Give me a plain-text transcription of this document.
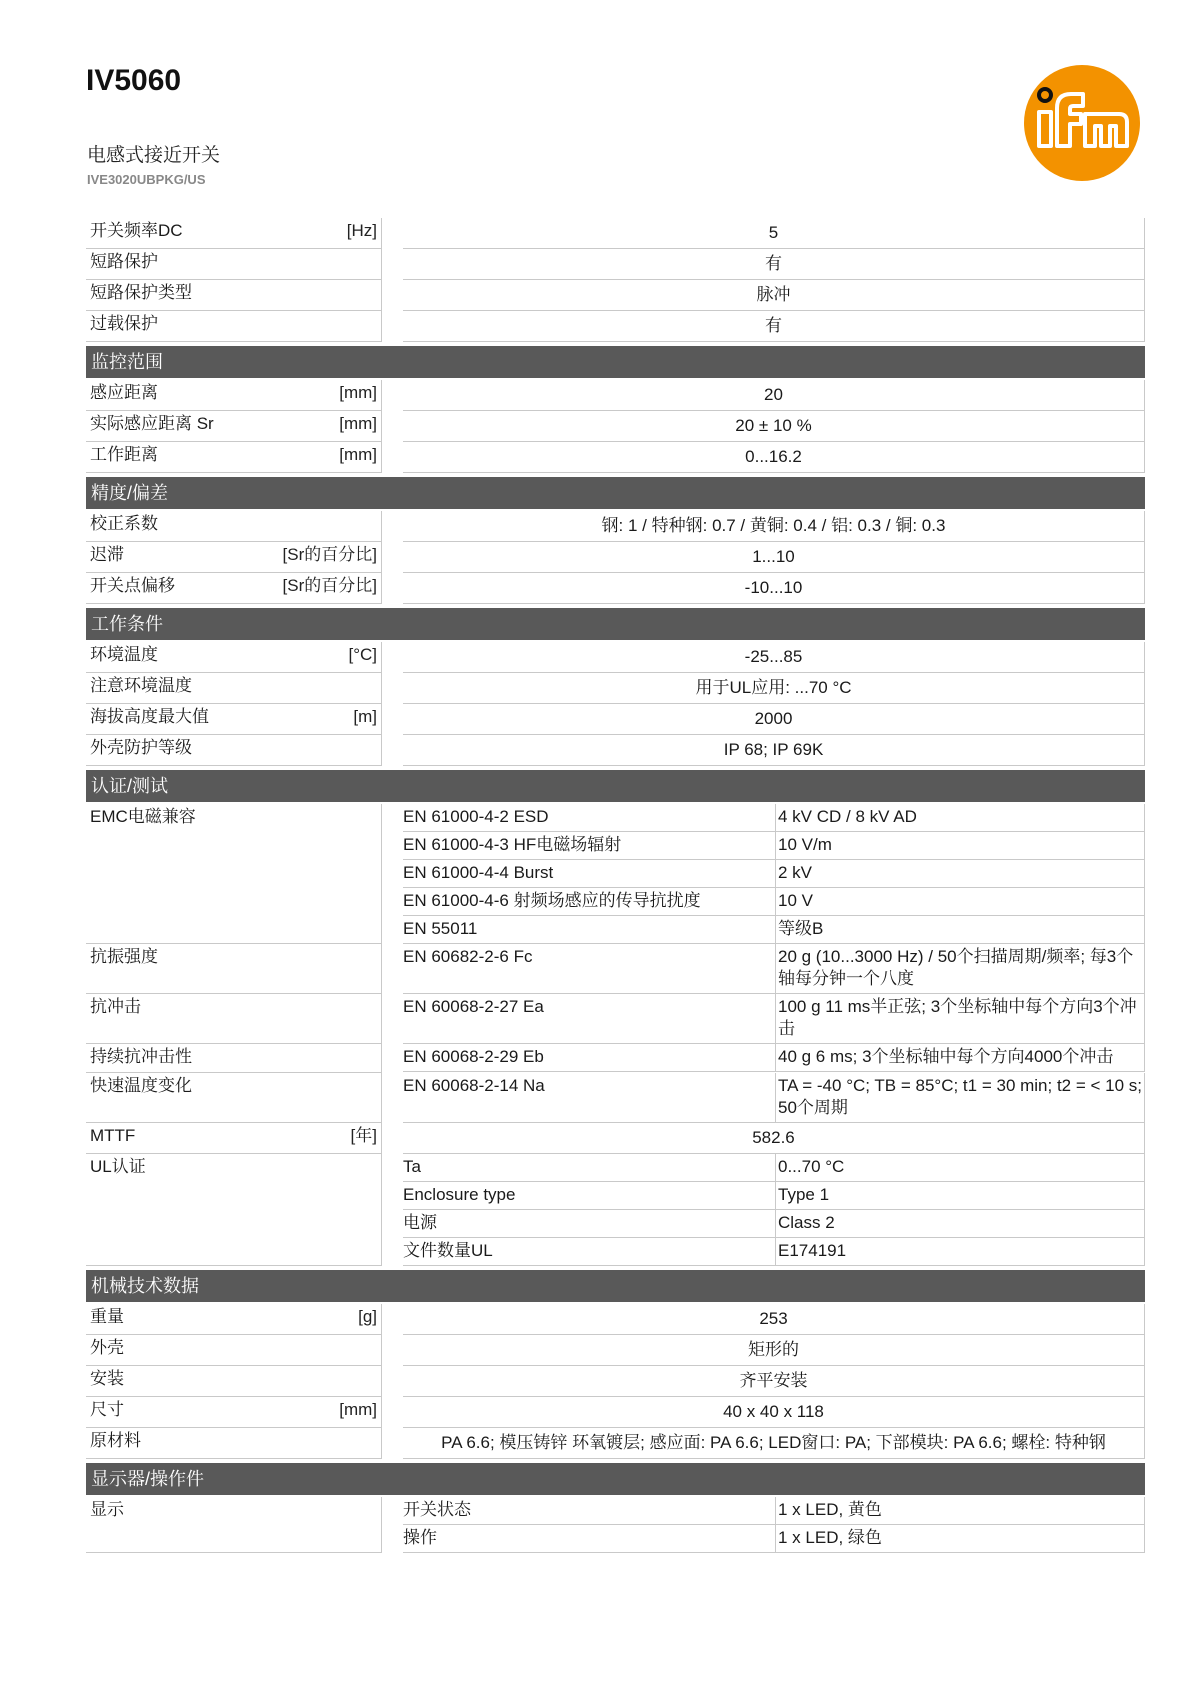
IV5060
电感式接近开关
IVE3020UBPKG/US	ifm
开关频率DC	[Hz]	5
短路保护	有
短路保护类型	脉冲
过载保护	有
监控范围
感应距离	[mm]	20
实际感应距离 Sr	[mm]	20 ± 10 %
工作距离	[mm]	0...16.2
精度/偏差
校正系数	钢: 1 / 特种钢: 0.7 / 黄铜: 0.4 / 铝: 0.3 / 铜: 0.3
迟滞	[Sr的百分比]	1...10
开关点偏移	[Sr的百分比]	-10...10
工作条件
环境温度	[°C]	-25...85
注意环境温度	用于UL应用: ...70 °C
海拔高度最大值	[m]	2000
外壳防护等级	IP 68; IP 69K
认证/测试
EMC电磁兼容	EN 61000-4-2 ESD	4 kV CD / 8 kV AD
EN 61000-4-3 HF电磁场辐射	10 V/m
EN 61000-4-4 Burst	2 kV
EN 61000-4-6 射频场感应的传导抗扰度	10 V
EN 55011	等级B
抗振强度	EN 60682-2-6 Fc	20 g (10...3000 Hz) / 50个扫描周期/频率; 每3个轴每分钟一个八度
抗冲击	EN 60068-2-27 Ea	100 g 11 ms半正弦; 3个坐标轴中每个方向3个冲击
持续抗冲击性	EN 60068-2-29 Eb	40 g 6 ms; 3个坐标轴中每个方向4000个冲击
快速温度变化	EN 60068-2-14 Na	TA = -40 °C; TB = 85°C; t1 = 30 min; t2 = < 10 s; 50个周期
MTTF	[年]	582.6
UL认证	Ta	0...70 °C
Enclosure type	Type 1
电源	Class 2
文件数量UL	E174191
机械技术数据
重量	[g]	253
外壳	矩形的
安装	齐平安装
尺寸	[mm]	40 x 40 x 118
原材料	PA 6.6; 模压铸锌 环氧镀层; 感应面: PA 6.6; LED窗口: PA; 下部模块: PA 6.6; 螺栓: 特种钢
显示器/操作件
显示	开关状态	1 x LED, 黄色
操作	1 x LED, 绿色
